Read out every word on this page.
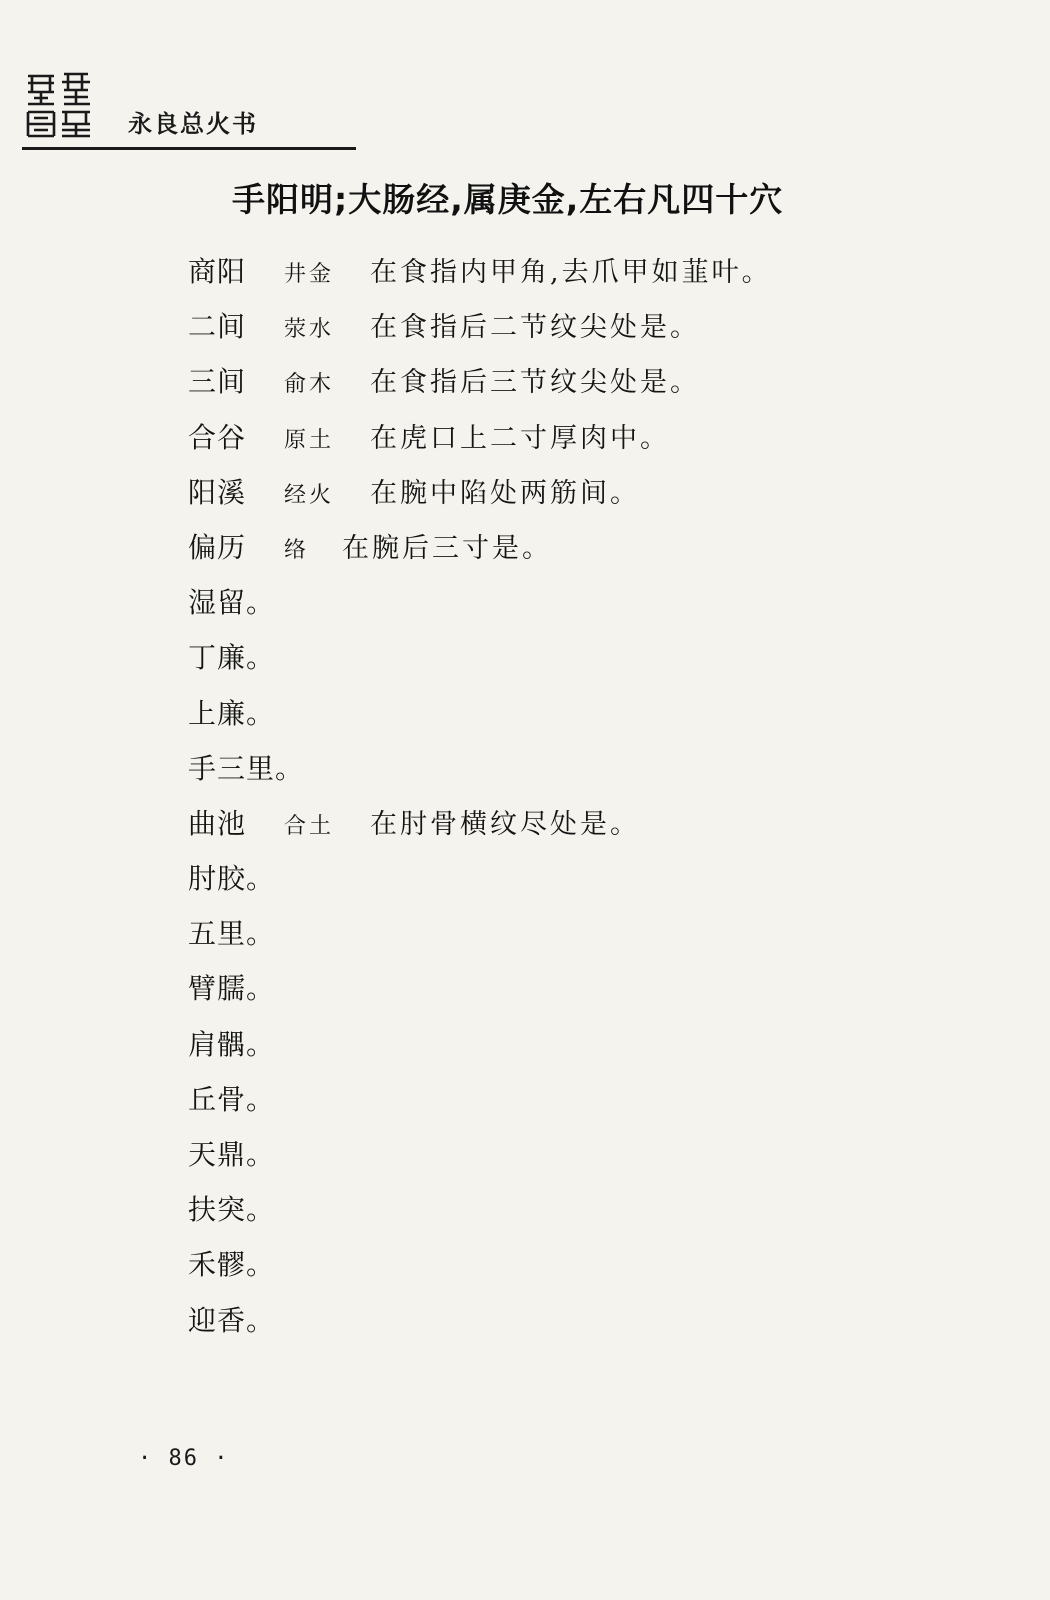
永良总火书
手阳明;大肠经,属庚金,左右凡四十穴
商阳	井金	在食指内甲角,去爪甲如韮叶。
二间	荥水	在食指后二节纹尖处是。
三间	俞木	在食指后三节纹尖处是。
合谷	原土	在虎口上二寸厚肉中。
阳溪	经火	在腕中陷处两筋间。
偏历	络	在腕后三寸是。
湿留。
丁廉。
上廉。
手三里。
曲池	合土	在肘骨横纹尽处是。
肘胶。
五里。
臂臑。
肩髃。
丘骨。
天鼎。
扶突。
禾髎。
迎香。
· 86 ·
